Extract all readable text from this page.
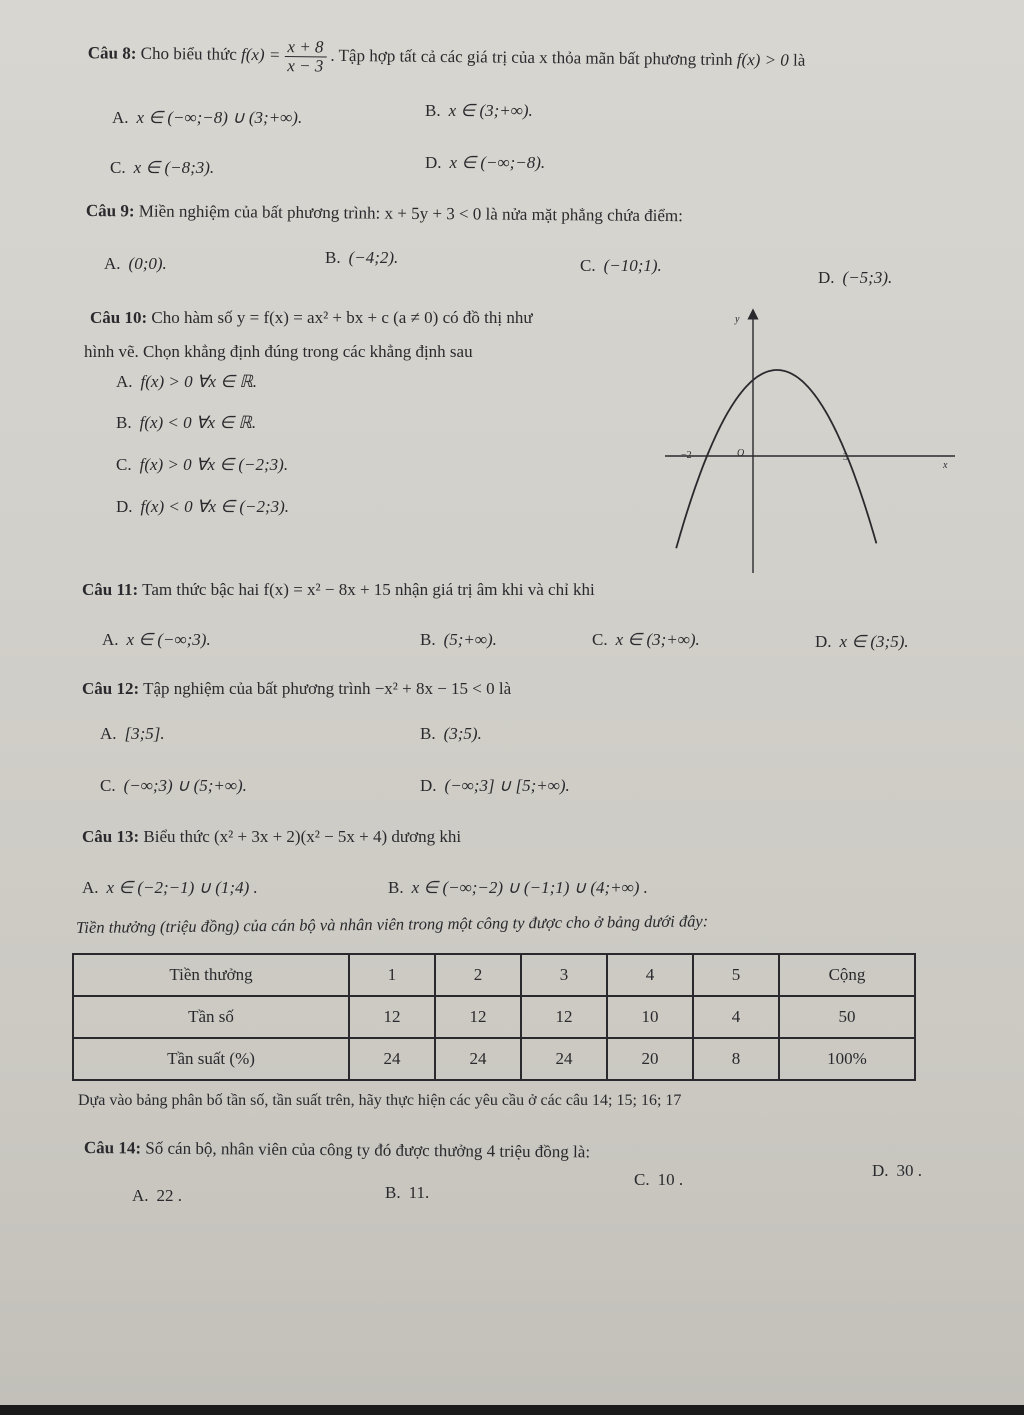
Câu 8: Cho biểu thức $f(x) = \frac{x + 8}{x - 3}$ . Tập hợp tất cả các giá trị của x thỏa mãn bất phương trình f(x) > 0 là
A. x ∈ (−∞;−8) ∪ (3;+∞).	B. x ∈ (3;+∞).
C. x ∈ (−8;3).	D. x ∈ (−∞;−8).
Câu 9: Miền nghiệm của bất phương trình: x + 5y + 3 < 0 là nửa mặt phẳng chứa điểm:
A. (0;0).	B. (−4;2).	C. (−10;1).
D. (−5;3).
Câu 10: Cho hàm số y = f(x) = ax² + bx + c (a ≠ 0) có đồ thị như
hình vẽ. Chọn khẳng định đúng trong các khẳng định sau
A. f(x) > 0 ∀x ∈ ℝ.
B. f(x) < 0 ∀x ∈ ℝ.
C. f(x) > 0 ∀x ∈ (−2;3).
D. f(x) < 0 ∀x ∈ (−2;3).
y
x
O
−2	3
Câu 11: Tam thức bậc hai f(x) = x² − 8x + 15 nhận giá trị âm khi và chỉ khi
A. x ∈ (−∞;3).	B. (5;+∞).	C. x ∈ (3;+∞).	D. x ∈ (3;5).
Câu 12: Tập nghiệm của bất phương trình −x² + 8x − 15 < 0 là
A. [3;5].	B. (3;5).
C. (−∞;3) ∪ (5;+∞).	D. (−∞;3] ∪ [5;+∞).
Câu 13: Biểu thức (x² + 3x + 2)(x² − 5x + 4) dương khi
A. x ∈ (−2;−1) ∪ (1;4) .	B. x ∈ (−∞;−2) ∪ (−1;1) ∪ (4;+∞) .
Tiền thưởng (triệu đồng) của cán bộ và nhân viên trong một công ty được cho ở bảng dưới đây:
Tiền thưởng	1	2	3	4	5	Cộng
Tần số	12	12	12	10	4	50
Tần suất (%)	24	24	24	20	8	100%
Dựa vào bảng phân bố tần số, tần suất trên, hãy thực hiện các yêu cầu ở các câu 14; 15; 16; 17
Câu 14: Số cán bộ, nhân viên của công ty đó được thưởng 4 triệu đồng là:
A. 22 .	B. 11.
C. 10 .	D. 30 .
